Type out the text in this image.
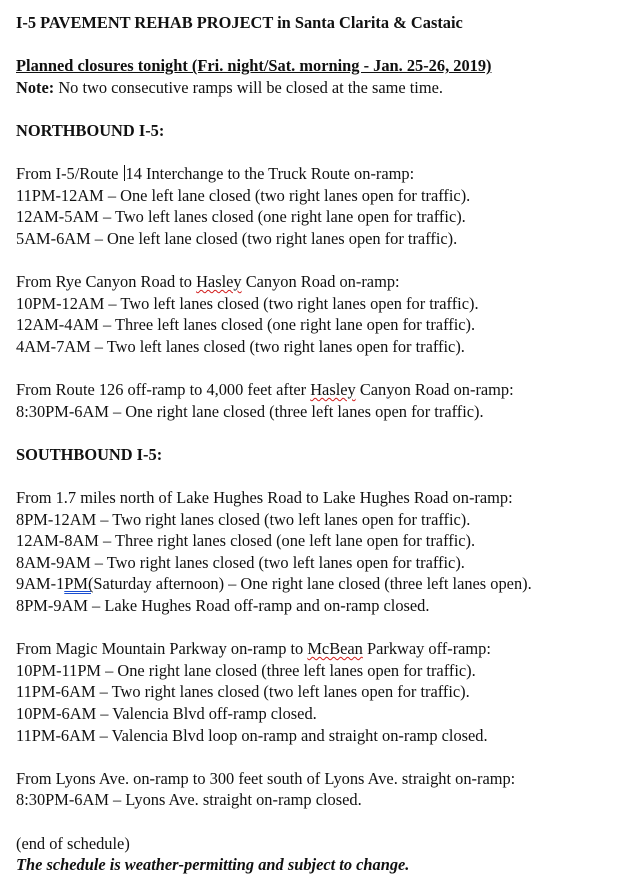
I-5 PAVEMENT REHAB PROJECT in Santa Clarita & Castaic
Planned closures tonight (Fri. night/Sat. morning - Jan. 25-26, 2019)
Note: No two consecutive ramps will be closed at the same time.
NORTHBOUND I-5:
From I-5/Route 14 Interchange to the Truck Route on-ramp:
11PM-12AM – One left lane closed (two right lanes open for traffic).
12AM-5AM – Two left lanes closed (one right lane open for traffic).
5AM-6AM – One left lane closed (two right lanes open for traffic).
From Rye Canyon Road to Hasley Canyon Road on-ramp:
10PM-12AM – Two left lanes closed (two right lanes open for traffic).
12AM-4AM – Three left lanes closed (one right lane open for traffic).
4AM-7AM – Two left lanes closed (two right lanes open for traffic).
From Route 126 off-ramp to 4,000 feet after Hasley Canyon Road on-ramp:
8:30PM-6AM – One right lane closed (three left lanes open for traffic).
SOUTHBOUND I-5:
From 1.7 miles north of Lake Hughes Road to Lake Hughes Road on-ramp:
8PM-12AM – Two right lanes closed (two left lanes open for traffic).
12AM-8AM – Three right lanes closed (one left lane open for traffic).
8AM-9AM – Two right lanes closed (two left lanes open for traffic).
9AM-1PM(Saturday afternoon) – One right lane closed (three left lanes open).
8PM-9AM – Lake Hughes Road off-ramp and on-ramp closed.
From Magic Mountain Parkway on-ramp to McBean Parkway off-ramp:
10PM-11PM – One right lane closed (three left lanes open for traffic).
11PM-6AM – Two right lanes closed (two left lanes open for traffic).
10PM-6AM – Valencia Blvd off-ramp closed.
11PM-6AM – Valencia Blvd loop on-ramp and straight on-ramp closed.
From Lyons Ave. on-ramp to 300 feet south of Lyons Ave. straight on-ramp:
8:30PM-6AM – Lyons Ave. straight on-ramp closed.
(end of schedule)
The schedule is weather-permitting and subject to change.
